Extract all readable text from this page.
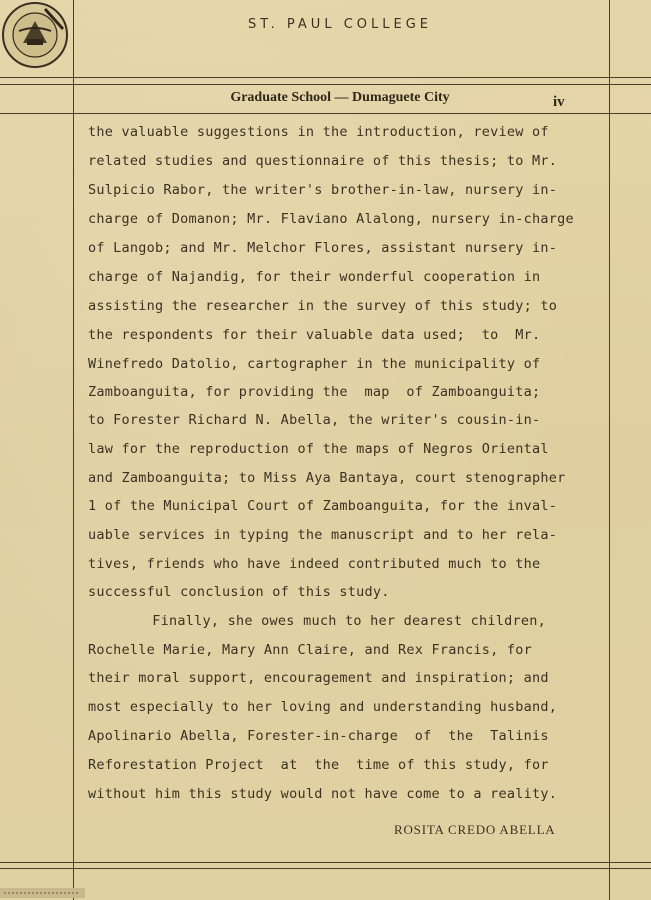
ST. PAUL COLLEGE
Graduate School — Dumaguete City	iv
the valuable suggestions in the introduction, review of
related studies and questionnaire of this thesis; to Mr.
Sulpicio Rabor, the writer's brother-in-law, nursery in-
charge of Domanon; Mr. Flaviano Alalong, nursery in-charge
of Langob; and Mr. Melchor Flores, assistant nursery in-
charge of Najandig, for their wonderful cooperation in
assisting the researcher in the survey of this study; to
the respondents for their valuable data used;  to  Mr.
Winefredo Datolio, cartographer in the municipality of
Zamboanguita, for providing the  map  of Zamboanguita;
to Forester Richard N. Abella, the writer's cousin-in-
law for the reproduction of the maps of Negros Oriental
and Zamboanguita; to Miss Aya Bantaya, court stenographer
1 of the Municipal Court of Zamboanguita, for the inval-
uable services in typing the manuscript and to her rela-
tives, friends who have indeed contributed much to the
successful conclusion of this study.
Finally, she owes much to her dearest children,
Rochelle Marie, Mary Ann Claire, and Rex Francis, for
their moral support, encouragement and inspiration; and
most especially to her loving and understanding husband,
Apolinario Abella, Forester-in-charge  of  the  Talinis
Reforestation Project  at  the  time of this study, for
without him this study would not have come to a reality.
ROSITA CREDO ABELLA
